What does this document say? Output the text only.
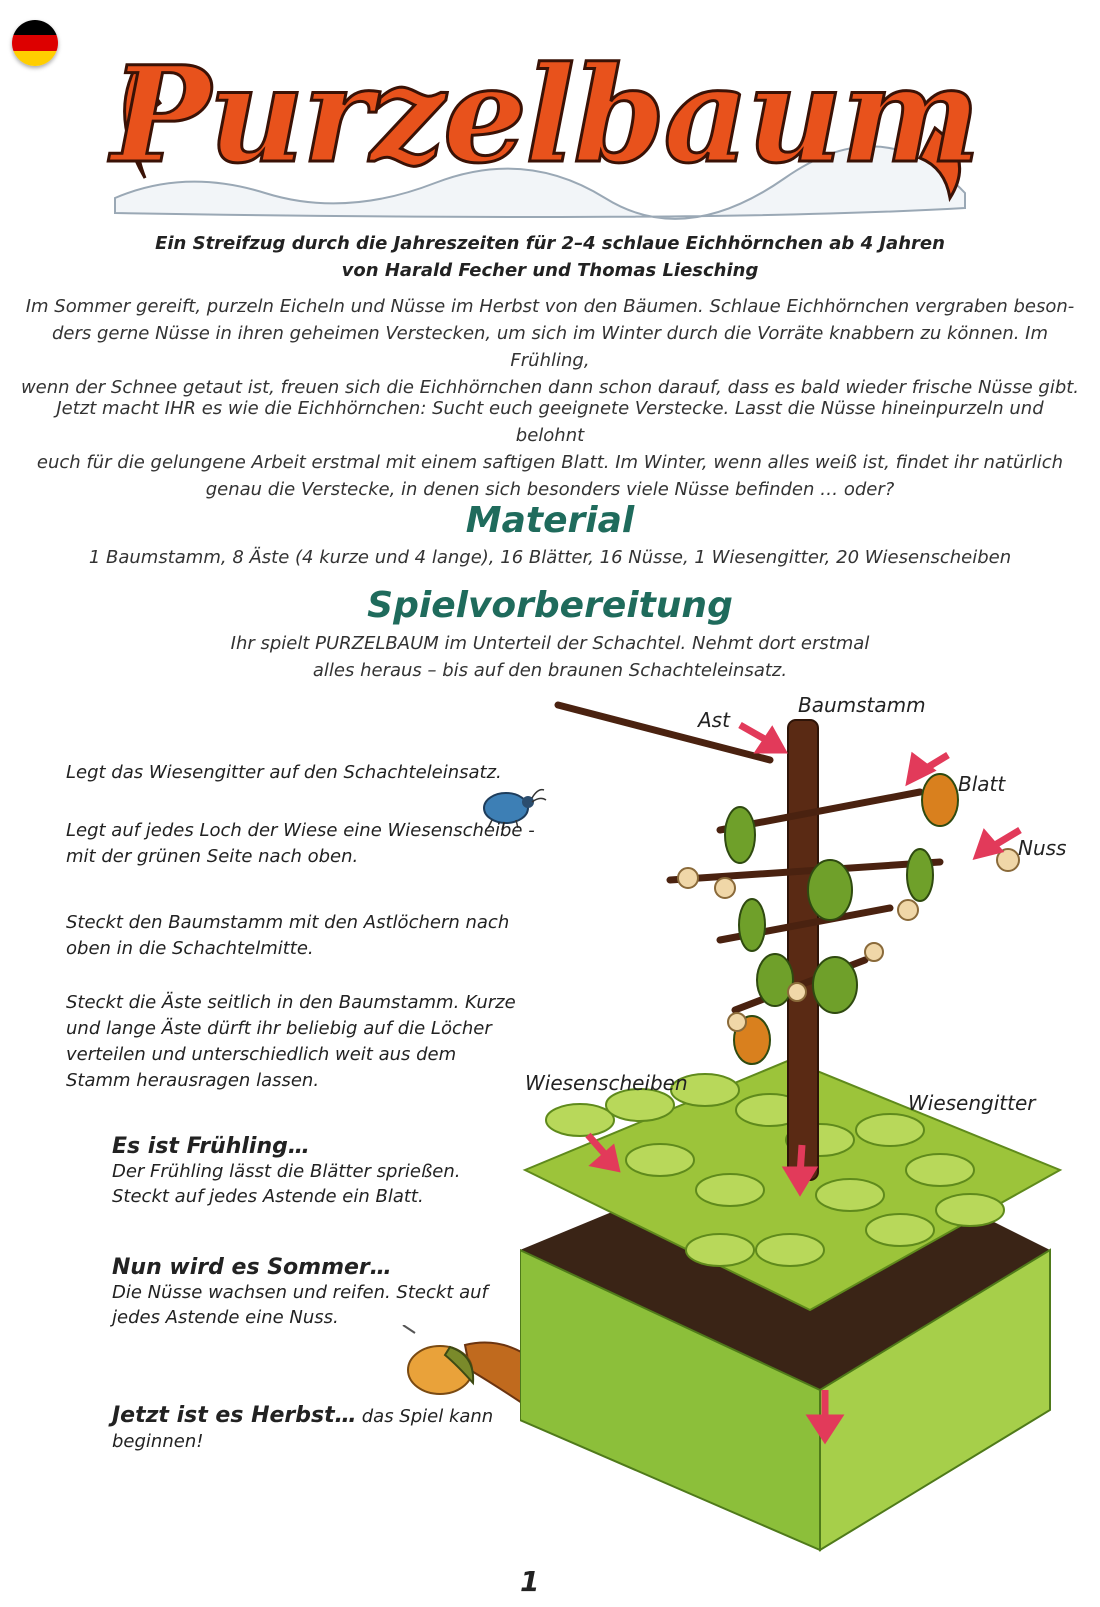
Purzelbaum
Ein Streifzug durch die Jahreszeiten für 2–4 schlaue Eichhörnchen ab 4 Jahren
von Harald Fecher und Thomas Liesching
Im Sommer gereift, purzeln Eicheln und Nüsse im Herbst von den Bäumen. Schlaue Eichhörnchen vergraben beson-
ders gerne Nüsse in ihren geheimen Verstecken, um sich im Winter durch die Vorräte knabbern zu können. Im Frühling,
wenn der Schnee getaut ist, freuen sich die Eichhörnchen dann schon darauf, dass es bald wieder frische Nüsse gibt.
Jetzt macht IHR es wie die Eichhörnchen: Sucht euch geeignete Verstecke. Lasst die Nüsse hineinpurzeln und belohnt
euch für die gelungene Arbeit erstmal mit einem saftigen Blatt. Im Winter, wenn alles weiß ist, findet ihr natürlich
genau die Verstecke, in denen sich besonders viele Nüsse befinden … oder?
Material
1 Baumstamm, 8 Äste (4 kurze und 4 lange), 16 Blätter, 16 Nüsse, 1 Wiesengitter, 20 Wiesenscheiben
Spielvorbereitung
Ihr spielt PURZELBAUM im Unterteil der Schachtel. Nehmt dort erstmal
alles heraus – bis auf den braunen Schachteleinsatz.
Legt das Wiesengitter auf den Schachteleinsatz.
Legt auf jedes Loch der Wiese eine Wiesenscheibe -
mit der grünen Seite nach oben.
Steckt den Baumstamm mit den Astlöchern nach
oben in die Schachtelmitte.
Steckt die Äste seitlich in den Baumstamm. Kurze
und lange Äste dürft ihr beliebig auf die Löcher
verteilen und unterschiedlich weit aus dem
Stamm herausragen lassen.
Es ist Frühling…
Der Frühling lässt die Blätter sprießen.
Steckt auf jedes Astende ein Blatt.
Nun wird es Sommer…
Die Nüsse wachsen und reifen. Steckt auf
jedes Astende eine Nuss.
Jetzt ist es Herbst… das Spiel kann beginnen!
Ast
Baumstamm
Blatt
Nuss
Wiesenscheiben
Wiesengitter
1
